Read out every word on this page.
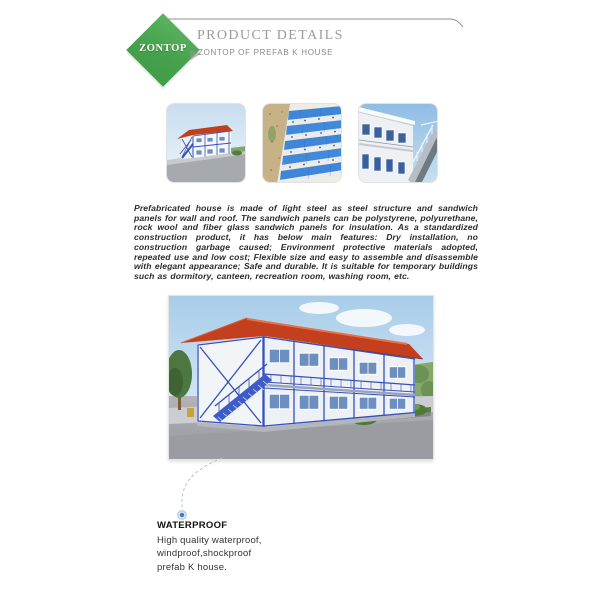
ZONTOP
PRODUCT DETAILS
ZONTOP OF PREFAB K HOUSE

Prefabricated house is made of light steel as steel structure and sandwich panels for wall and roof. The sandwich panels can be polystyrene, polyurethane, rock wool and fiber glass sandwich panels for insulation. As a standardized construction product, it has below main features: Dry installation, no construction garbage caused; Environment protective materials adopted, repeated use and low cost; Flexible size and easy to assemble and disassemble with elegant appearance; Safe and durable. It is suitable for temporary buildings such as dormitory, canteen, recreation room, washing room, etc.

WATERPROOF
High quality waterproof,
windproof,shockproof
prefab K house.
